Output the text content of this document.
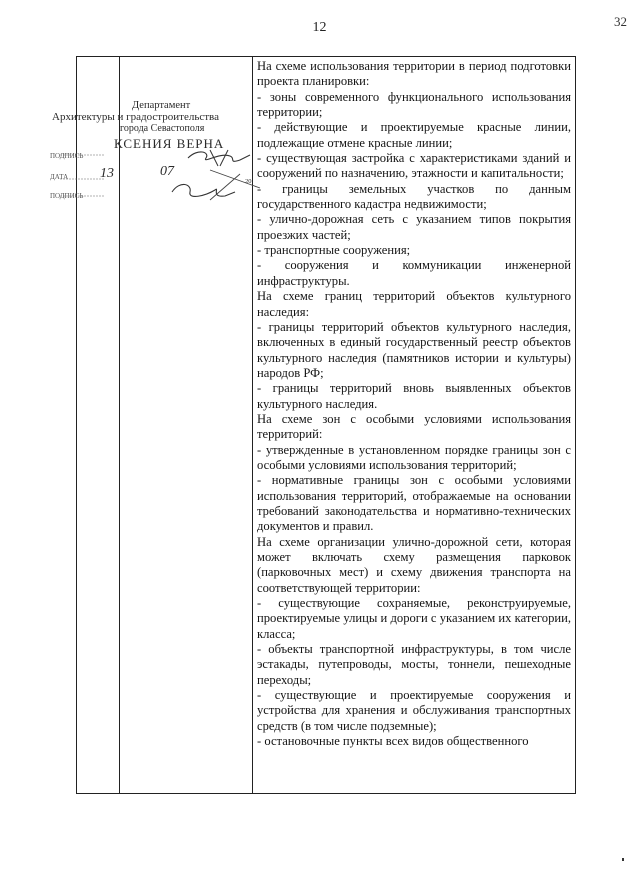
12	32

На схеме использования территории в период подготовки проекта планировки:

- зоны современного функционального использования территории;

- действующие и проектируемые красные линии, подлежащие отмене красные линии;

- существующая застройка с характеристиками зданий и сооружений по назначению, этажности и капитальности;

- границы земельных участков по данным государственного кадастра недвижимости;

- улично-дорожная сеть с указанием типов покрытия проезжих частей;

- транспортные сооружения;

- сооружения и коммуникации инженерной инфраструктуры.

На схеме границ территорий объектов культурного наследия:

- границы территорий объектов культурного наследия, включенных в единый государственный реестр объектов культурного наследия (памятников истории и культуры) народов РФ;

- границы территорий вновь выявленных объектов культурного наследия.

На схеме зон с особыми условиями использования территорий:

- утвержденные в установленном порядке границы зон с особыми условиями использования территорий;

- нормативные границы зон с особыми условиями использования территорий, отображаемые на основании требований законодательства и нормативно-технических документов и правил.

На схеме организации улично-дорожной сети, которая может включать схему размещения парковок (парковочных мест) и схему движения транспорта на соответствующей территории:

- существующие сохраняемые, реконструируемые, проектируемые улицы и дороги с указанием их категории, класса;

- объекты транспортной инфраструктуры, в том числе эстакады, путепроводы, мосты, тоннели, пешеходные переходы;

- существующие и проектируемые сооружения и устройства для хранения и обслуживания транспортных средств (в том числе подземные);

- остановочные пункты всех видов общественного

Департамент
Архитектуры и градостроительства
города Севастополя
КСЕНИЯ ВЕРНА
ПОДПИСЬ
ДАТА
ПОДПИСЬ
13	07
20
